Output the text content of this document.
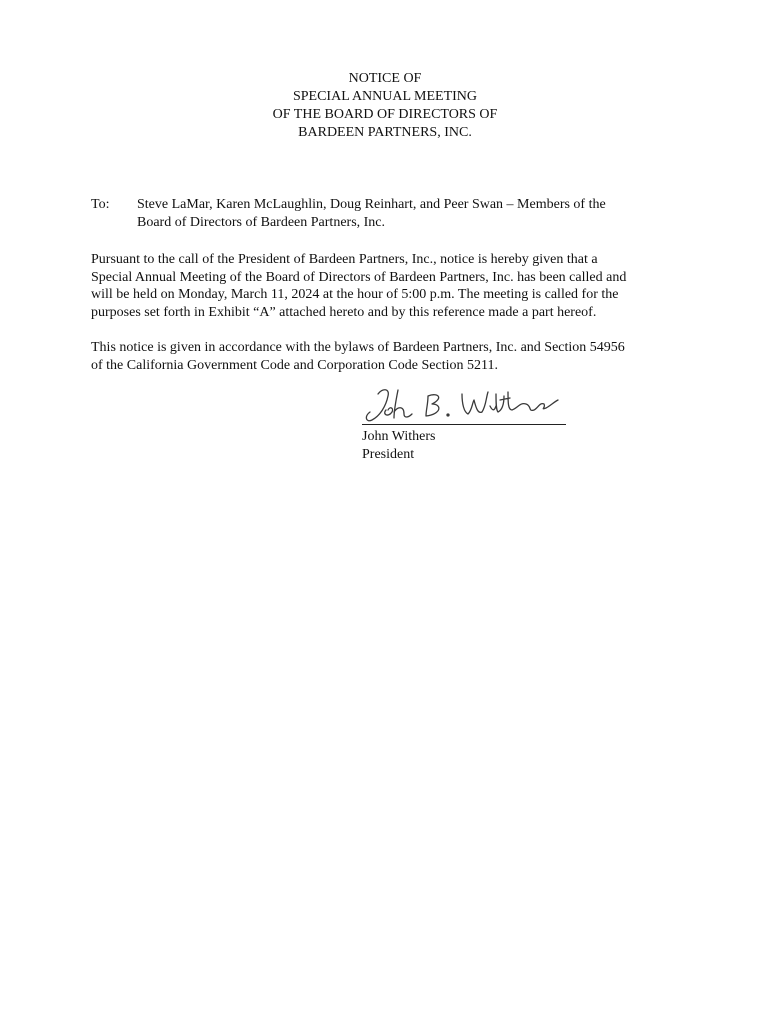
NOTICE OF
SPECIAL ANNUAL MEETING
OF THE BOARD OF DIRECTORS OF
BARDEEN PARTNERS, INC.
To: Steve LaMar, Karen McLaughlin, Doug Reinhart, and Peer Swan – Members of the
Board of Directors of Bardeen Partners, Inc.
Pursuant to the call of the President of Bardeen Partners, Inc., notice is hereby given that a
Special Annual Meeting of the Board of Directors of Bardeen Partners, Inc. has been called and
will be held on Monday, March 11, 2024 at the hour of 5:00 p.m. The meeting is called for the
purposes set forth in Exhibit “A” attached hereto and by this reference made a part hereof.
This notice is given in accordance with the bylaws of Bardeen Partners, Inc. and Section 54956
of the California Government Code and Corporation Code Section 5211.
John Withers
President
